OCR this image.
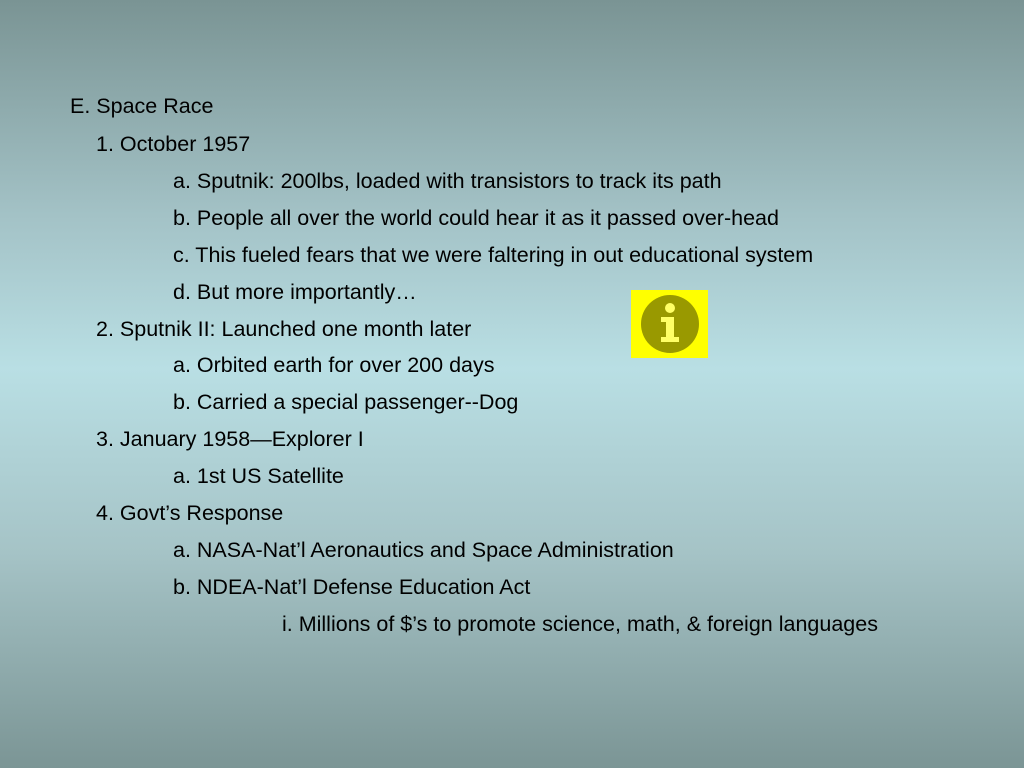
E. Space Race
1. October 1957
a. Sputnik: 200lbs, loaded with transistors to track its path
b. People all over the world could hear it as it passed over-head
c. This fueled fears that we were faltering in out educational system
d. But more importantly…
2. Sputnik II: Launched one month later
a. Orbited earth for over 200 days
b. Carried a special passenger--Dog
3. January 1958—Explorer I
a. 1st US Satellite
4. Govt’s Response
a. NASA-Nat’l Aeronautics and Space Administration
b. NDEA-Nat’l Defense Education Act
i. Millions of $’s to promote science, math, & foreign languages
